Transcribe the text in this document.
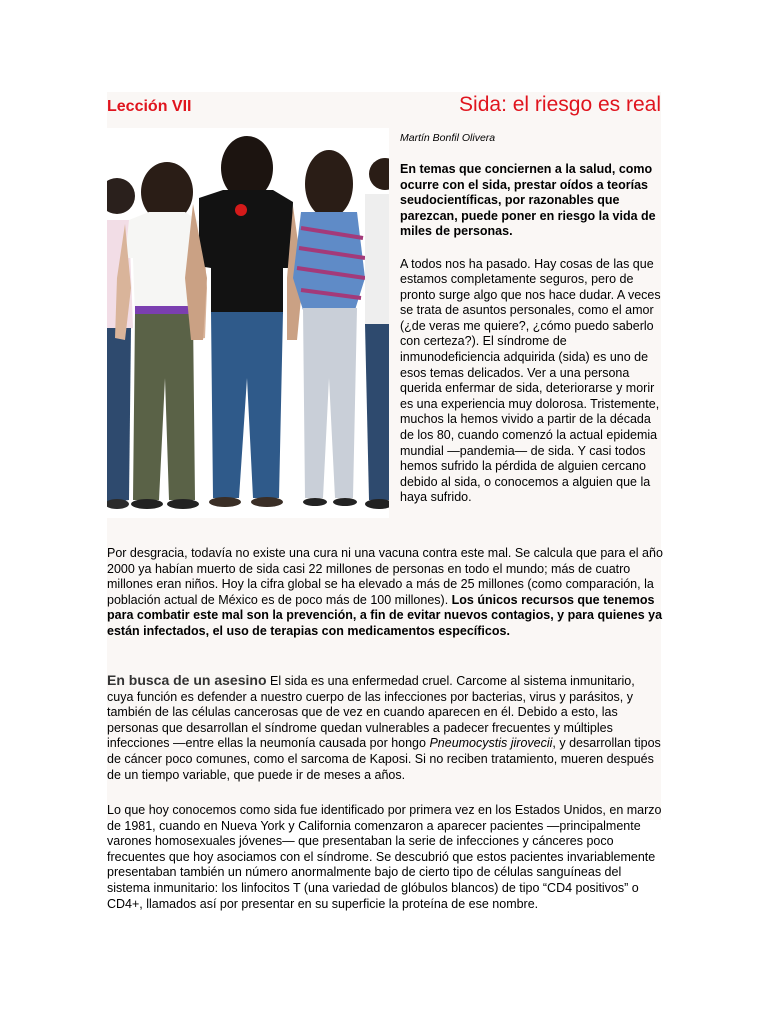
Lección VII	Sida: el riesgo es real

Martín Bonfil Olivera

En temas que conciernen a la salud, como ocurre con el sida, prestar oídos a teorías seudocientíficas, por razonables que parezcan, puede poner en riesgo la vida de miles de personas.

A todos nos ha pasado. Hay cosas de las que estamos completamente seguros, pero de pronto surge algo que nos hace dudar. A veces se trata de asuntos personales, como el amor (¿de veras me quiere?, ¿cómo puedo saberlo con certeza?). El síndrome de inmunodeficiencia adquirida (sida) es uno de esos temas delicados. Ver a una persona querida enfermar de sida, deteriorarse y morir es una experiencia muy dolorosa. Tristemente, muchos la hemos vivido a partir de la década de los 80, cuando comenzó la actual epidemia mundial —pandemia— de sida. Y casi todos hemos sufrido la pérdida de alguien cercano debido al sida, o conocemos a alguien que la haya sufrido.

Por desgracia, todavía no existe una cura ni una vacuna contra este mal. Se calcula que para el año 2000 ya habían muerto de sida casi 22 millones de personas en todo el mundo; más de cuatro millones eran niños. Hoy la cifra global se ha elevado a más de 25 millones (como comparación, la población actual de México es de poco más de 100 millones). Los únicos recursos que tenemos para combatir este mal son la prevención, a fin de evitar nuevos contagios, y para quienes ya están infectados, el uso de terapias con medicamentos específicos.

En busca de un asesino El sida es una enfermedad cruel. Carcome al sistema inmunitario, cuya función es defender a nuestro cuerpo de las infecciones por bacterias, virus y parásitos, y también de las células cancerosas que de vez en cuando aparecen en él. Debido a esto, las personas que desarrollan el síndrome quedan vulnerables a padecer frecuentes y múltiples infecciones —entre ellas la neumonía causada por hongo Pneumocystis jirovecii, y desarrollan tipos de cáncer poco comunes, como el sarcoma de Kaposi. Si no reciben tratamiento, mueren después de un tiempo variable, que puede ir de meses a años.

Lo que hoy conocemos como sida fue identificado por primera vez en los Estados Unidos, en marzo de 1981, cuando en Nueva York y California comenzaron a aparecer pacientes —principalmente varones homosexuales jóvenes— que presentaban la serie de infecciones y cánceres poco frecuentes que hoy asociamos con el síndrome. Se descubrió que estos pacientes invariablemente presentaban también un número anormalmente bajo de cierto tipo de células sanguíneas del sistema inmunitario: los linfocitos T (una variedad de glóbulos blancos) de tipo “CD4 positivos” o CD4+, llamados así por presentar en su superficie la proteína de ese nombre.
